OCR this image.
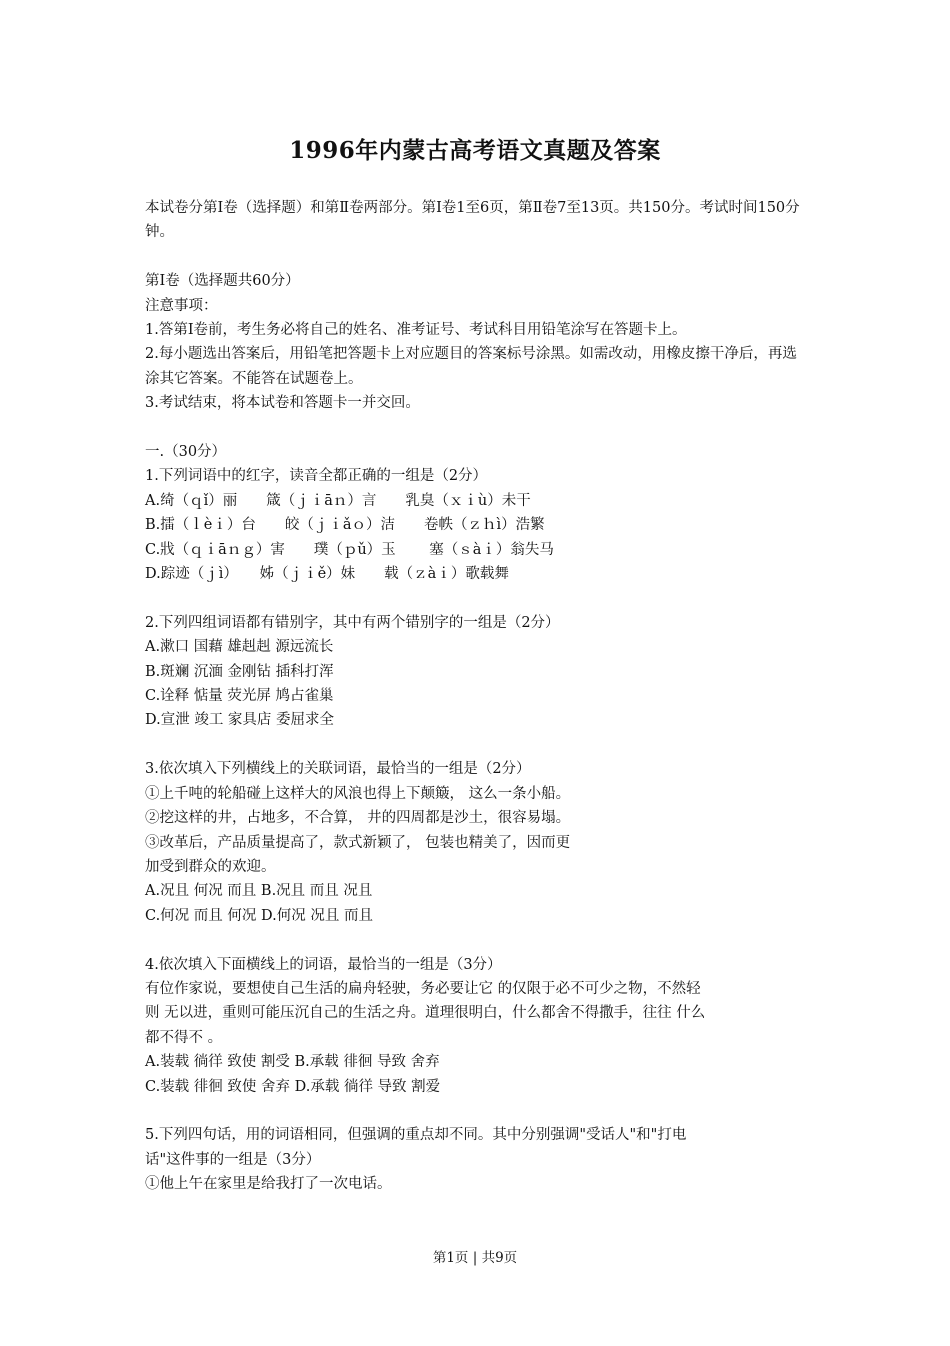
1996年内蒙古高考语文真题及答案
本试卷分第Ⅰ卷（选择题）和第Ⅱ卷两部分。第Ⅰ卷1至6页，第Ⅱ卷7至13页。共150分。考试时间150分钟。
第Ⅰ卷（选择题共60分）
注意事项：
1.答第Ⅰ卷前，考生务必将自己的姓名、准考证号、考试科目用铅笔涂写在答题卡上。
2.每小题选出答案后，用铅笔把答题卡上对应题目的答案标号涂黑。如需改动，用橡皮擦干净后，再选涂其它答案。不能答在试题卷上。
3.考试结束，将本试卷和答题卡一并交回。
一.（30分）
1.下列词语中的红字，读音全都正确的一组是（2分）
A.绮（ｑǐ）丽　　箴（ｊｉāｎ）言　　乳臭（ｘｉù）未干
B.擂（ｌèｉ）台　　皎（ｊｉǎｏ）洁　　卷帙（ｚｈì）浩繁
C.戕（ｑｉāｎｇ）害　　璞（ｐǔ）玉　　 塞（ｓàｉ）翁失马
D.踪迹（ｊì）　　姊（ｊｉě）妹　　载（ｚàｉ）歌载舞
2.下列四组词语都有错别字，其中有两个错别字的一组是（2分）
A.漱口 国藉 雄赳赳 源远流长
B.斑斓 沉湎 金刚钻 插科打浑
C.诠释 惦量 荧光屏 鸠占雀巢
D.宣泄 竣工 家具店 委屈求全
3.依次填入下列横线上的关联词语，最恰当的一组是（2分）
①上千吨的轮船碰上这样大的风浪也得上下颠簸， 这么一条小船。
②挖这样的井，占地多，不合算， 井的四周都是沙土，很容易塌。
③改革后，产品质量提高了，款式新颖了， 包装也精美了，因而更
加受到群众的欢迎。
A.况且 何况 而且 B.况且 而且 况且
C.何况 而且 何况 D.何况 况且 而且
4.依次填入下面横线上的词语，最恰当的一组是（3分）
有位作家说，要想使自己生活的扁舟轻驶，务必要让它 的仅限于必不可少之物，不然轻
则 无以进，重则可能压沉自己的生活之舟。道理很明白，什么都舍不得撒手，往往 什么
都不得不 。
A.装载 徜徉 致使 割受 B.承载 徘徊 导致 舍弃
C.装载 徘徊 致使 舍弃 D.承载 徜徉 导致 割爱
5.下列四句话，用的词语相同，但强调的重点却不同。其中分别强调"受话人"和"打电
话"这件事的一组是（3分）
①他上午在家里是给我打了一次电话。
第1页 | 共9页
